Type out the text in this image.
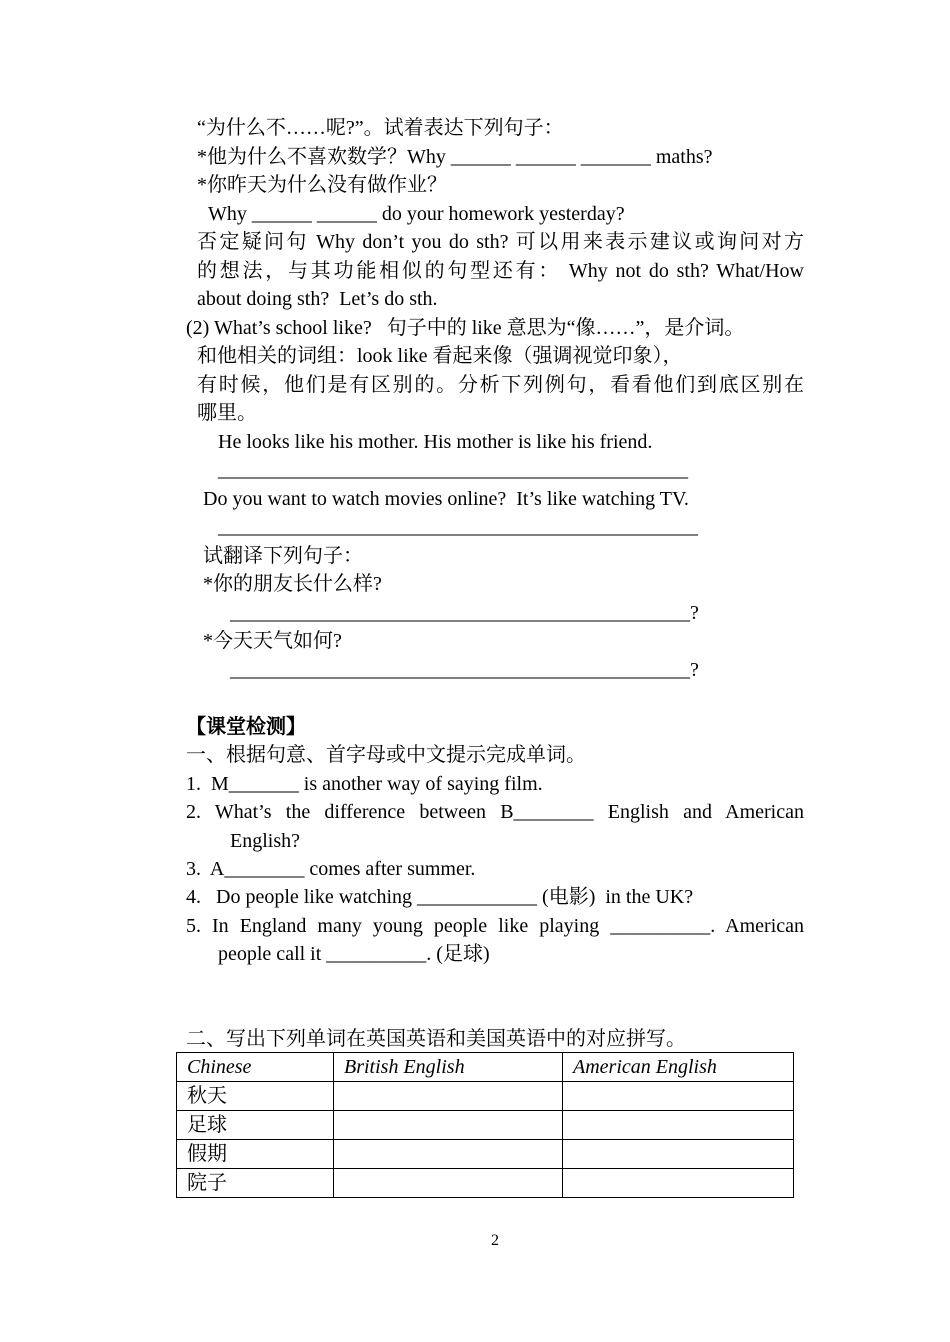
“为什么不……呢?”。试着表达下列句子：
*他为什么不喜欢数学？Why ______ ______ _______ maths?
*你昨天为什么没有做作业？
Why ______ ______ do your homework yesterday?
否定疑问句 Why don’t you do sth? 可以用来表示建议或询问对方
的想法，与其功能相似的句型还有： Why not do sth? What/How
about doing sth?  Let’s do sth.
(2) What’s school like?   句子中的 like 意思为“像……”，是介词。
和他相关的词组：look like 看起来像（强调视觉印象），
有时候，他们是有区别的。分析下列例句，看看他们到底区别在
哪里。
He looks like his mother. His mother is like his friend.
_______________________________________________
Do you want to watch movies online?  It’s like watching TV.
________________________________________________
试翻译下列句子：
*你的朋友长什么样?
______________________________________________?
*今天天气如何?
______________________________________________?
【课堂检测】
一、根据句意、首字母或中文提示完成单词。
1.  M_______ is another way of saying film.
2. What’s the difference between B________ English and American
English?
3.  A________ comes after summer.
4.   Do people like watching ____________ (电影)  in the UK?
5. In England many young people like playing __________. American
people call it __________. (足球)
二、写出下列单词在英国英语和美国英语中的对应拼写。
Chinese	British English	American English
秋天		
足球		
假期		
院子		
2
